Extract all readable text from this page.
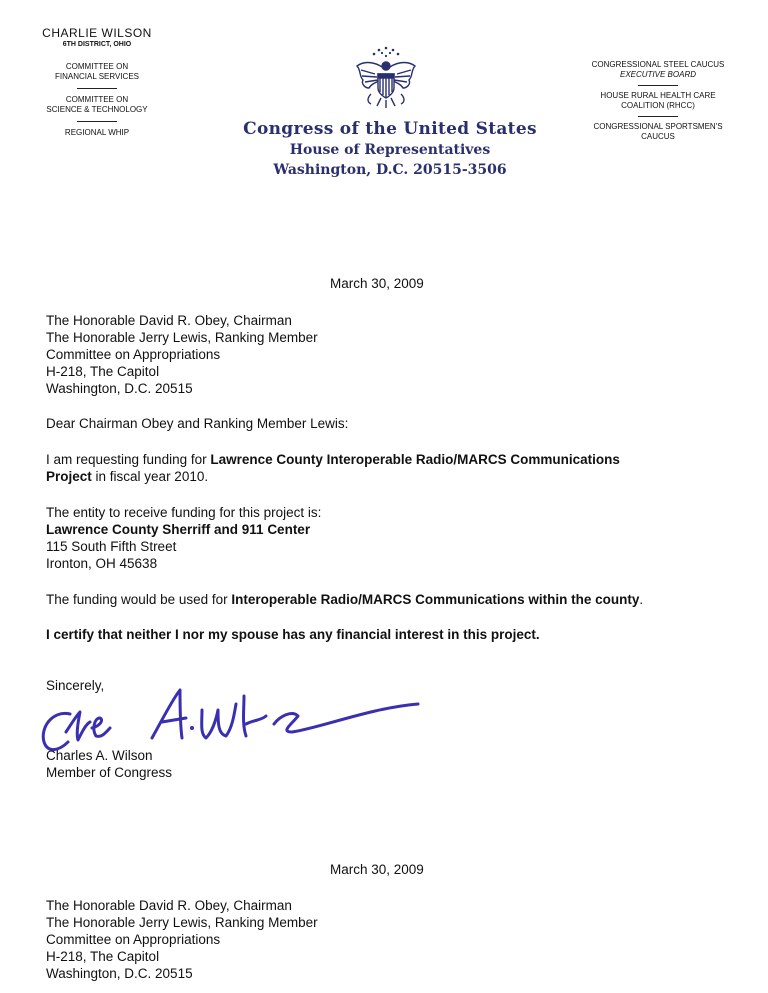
CHARLIE WILSON
6TH DISTRICT, OHIO
COMMITTEE ON
FINANCIAL SERVICES
COMMITTEE ON
SCIENCE & TECHNOLOGY
REGIONAL WHIP	Congress of the United States
House of Representatives
Washington, D.C. 20515-3506
CONGRESSIONAL STEEL CAUCUS
EXECUTIVE BOARD
HOUSE RURAL HEALTH CARE
COALITION (RHCC)
CONGRESSIONAL SPORTSMEN'S
CAUCUS
March 30, 2009
The Honorable David R. Obey, Chairman
The Honorable Jerry Lewis, Ranking Member
Committee on Appropriations
H-218, The Capitol
Washington, D.C. 20515
Dear Chairman Obey and Ranking Member Lewis:
I am requesting funding for Lawrence County Interoperable Radio/MARCS Communications
Project in fiscal year 2010.
The entity to receive funding for this project is:
Lawrence County Sherriff and 911 Center
115 South Fifth Street
Ironton, OH 45638
The funding would be used for Interoperable Radio/MARCS Communications within the county.
I certify that neither I nor my spouse has any financial interest in this project.
Sincerely,
Charles A. Wilson
Member of Congress
March 30, 2009
The Honorable David R. Obey, Chairman
The Honorable Jerry Lewis, Ranking Member
Committee on Appropriations
H-218, The Capitol
Washington, D.C. 20515
